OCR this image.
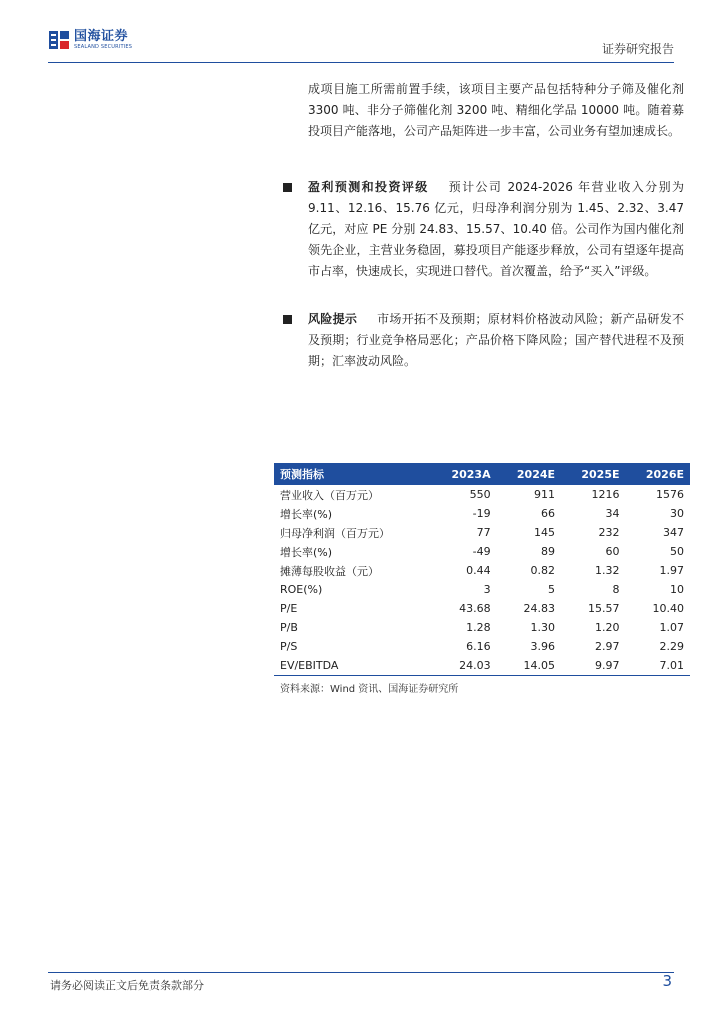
国海证券
SEALAND SECURITIES	证券研究报告
成项目施工所需前置手续，该项目主要产品包括特种分子筛及催化剂 3300 吨、非分子筛催化剂 3200 吨、精细化学品 10000 吨。随着募投项目产能落地，公司产品矩阵进一步丰富，公司业务有望加速成长。
盈利预测和投资评级 预计公司 2024-2026 年营业收入分别为 9.11、12.16、15.76 亿元，归母净利润分别为 1.45、2.32、3.47 亿元，对应 PE 分别 24.83、15.57、10.40 倍。公司作为国内催化剂领先企业，主营业务稳固，募投项目产能逐步释放，公司有望逐年提高市占率，快速成长，实现进口替代。首次覆盖，给予“买入”评级。
风险提示 市场开拓不及预期；原材料价格波动风险；新产品研发不及预期；行业竞争格局恶化；产品价格下降风险；国产替代进程不及预期；汇率波动风险。
预测指标	2023A	2024E	2025E	2026E
营业收入（百万元）	550	911	1216	1576
增长率(%)	-19	66	34	30
归母净利润（百万元）	77	145	232	347
增长率(%)	-49	89	60	50
摊薄每股收益（元）	0.44	0.82	1.32	1.97
ROE(%)	3	5	8	10
P/E	43.68	24.83	15.57	10.40
P/B	1.28	1.30	1.20	1.07
P/S	6.16	3.96	2.97	2.29
EV/EBITDA	24.03	14.05	9.97	7.01
资料来源：Wind 资讯、国海证券研究所
请务必阅读正文后免责条款部分	3
